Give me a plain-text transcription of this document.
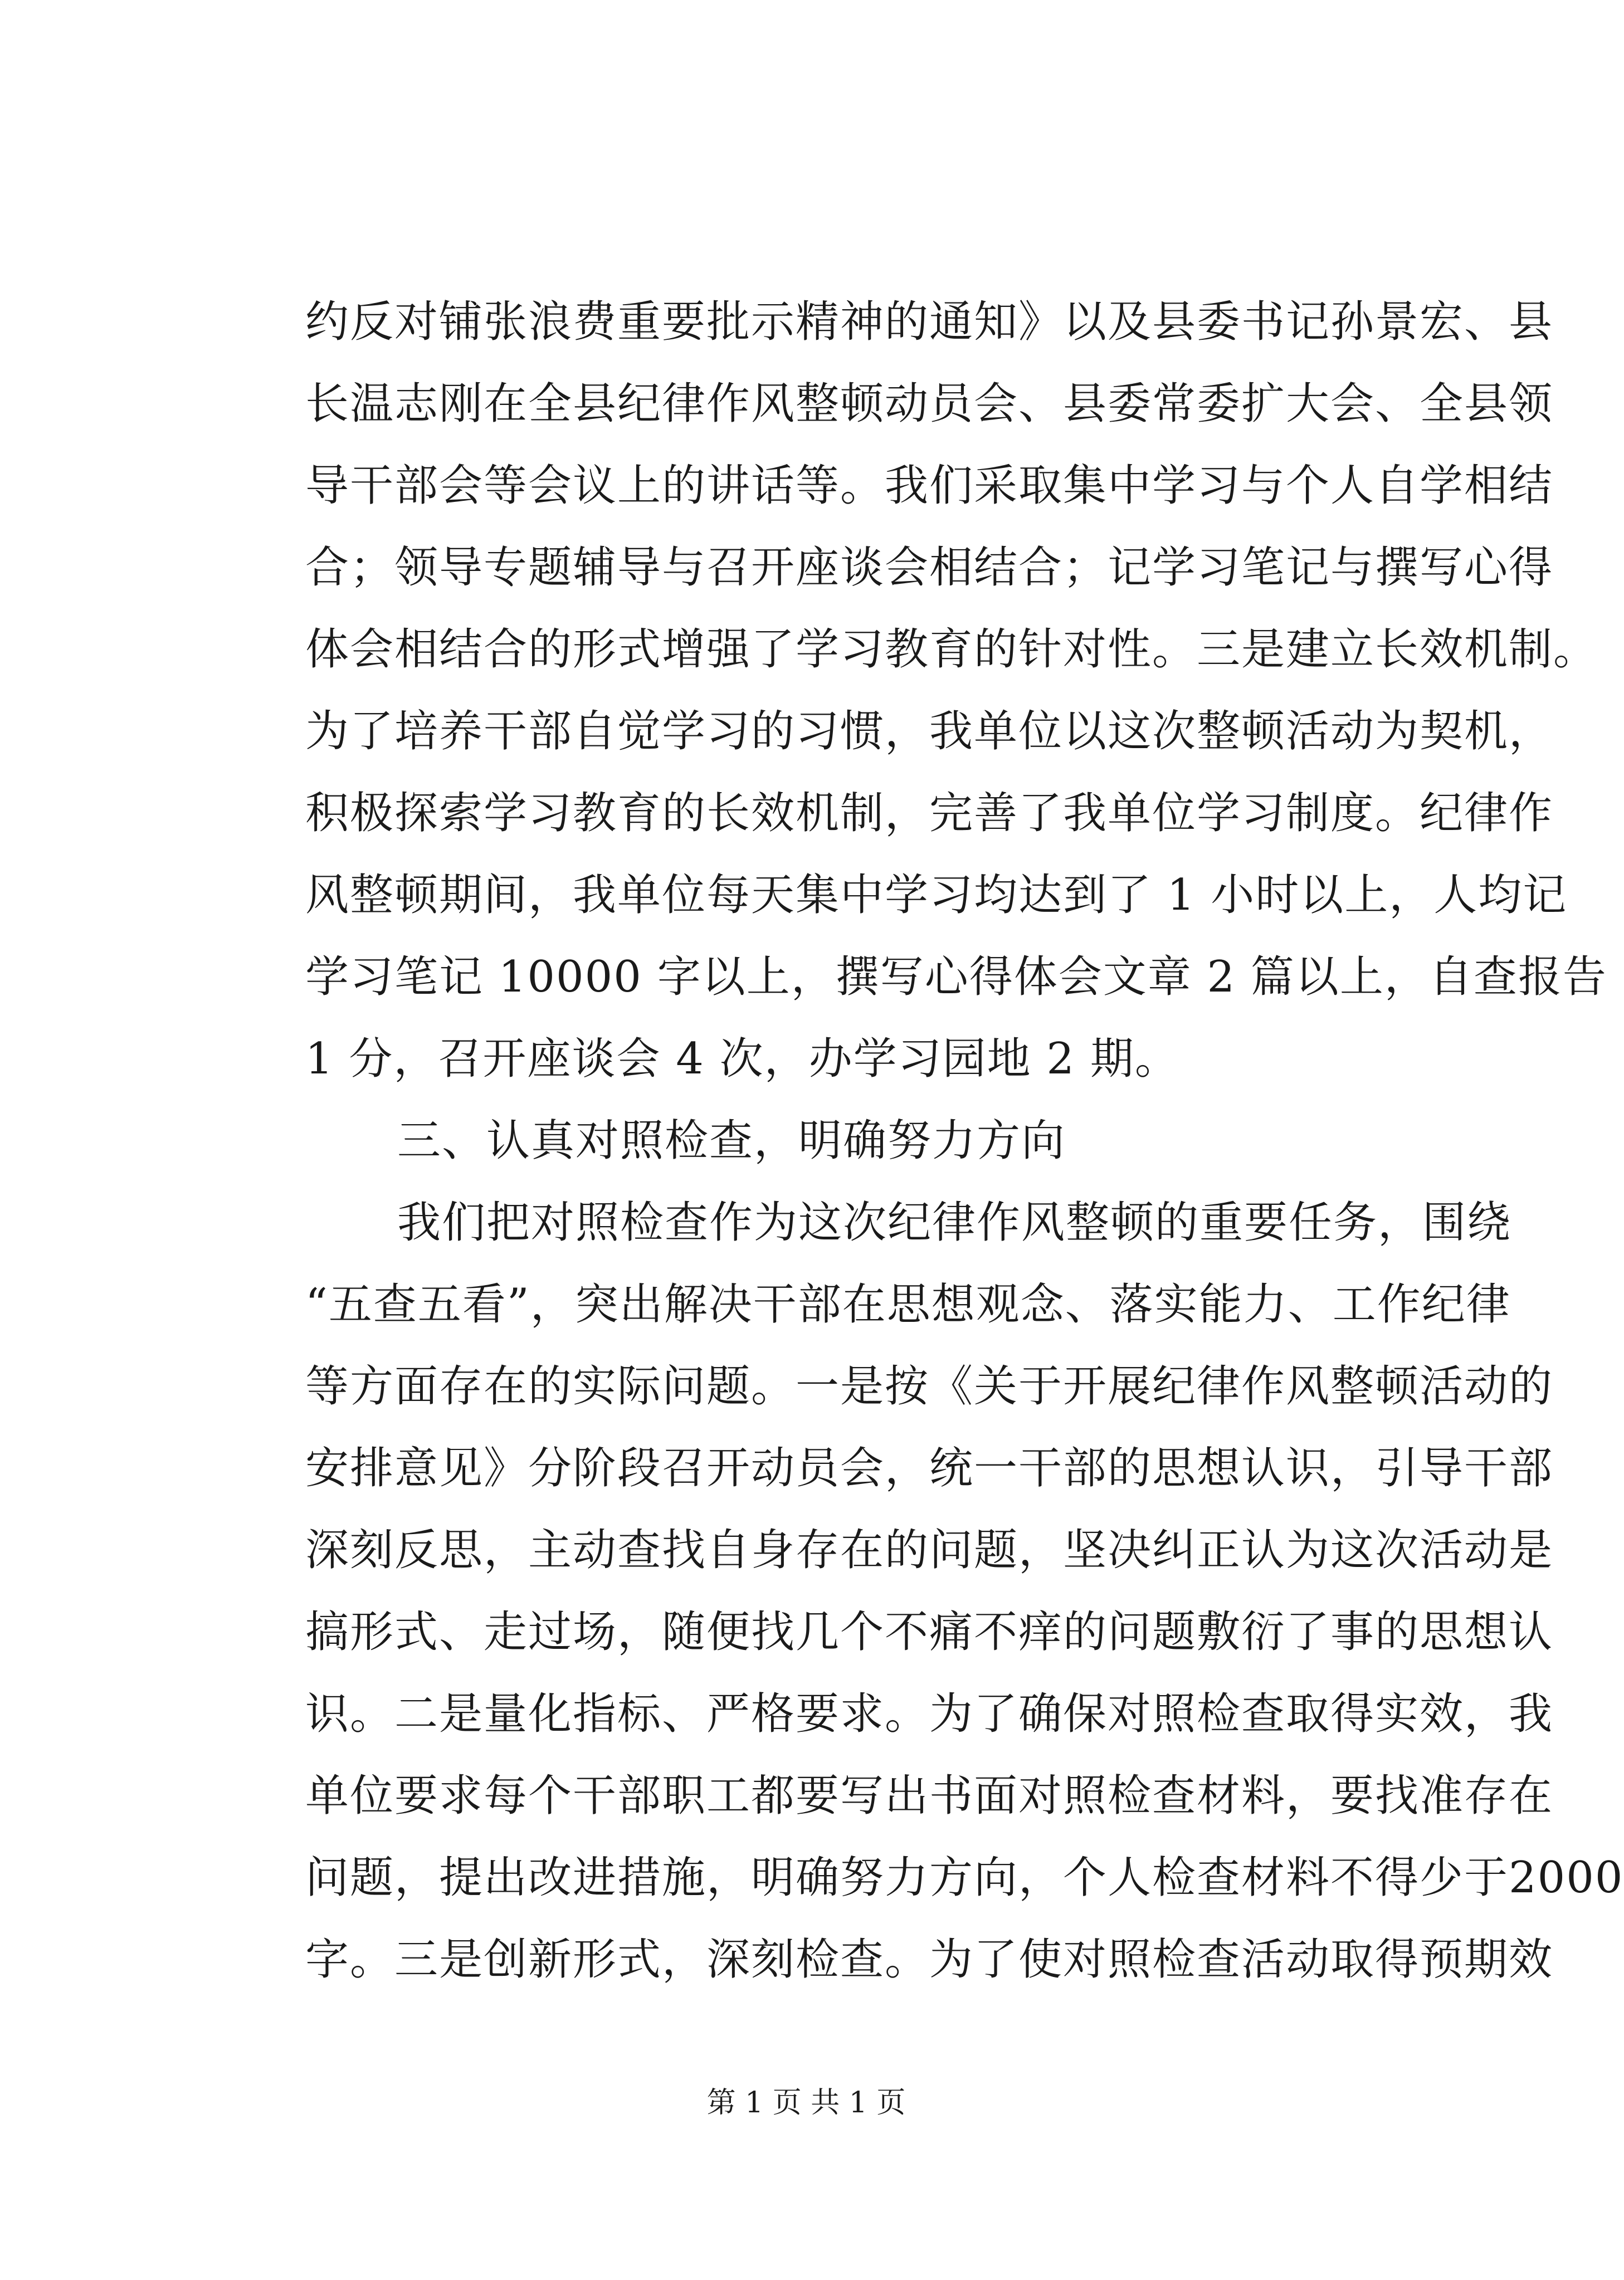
约反对铺张浪费重要批示精神的通知》以及县委书记孙景宏、县
长温志刚在全县纪律作风整顿动员会、县委常委扩大会、全县领
导干部会等会议上的讲话等。我们采取集中学习与个人自学相结
合；领导专题辅导与召开座谈会相结合；记学习笔记与撰写心得
体会相结合的形式增强了学习教育的针对性。三是建立长效机制。
为了培养干部自觉学习的习惯，我单位以这次整顿活动为契机，
积极探索学习教育的长效机制，完善了我单位学习制度。纪律作
风整顿期间，我单位每天集中学习均达到了 1 小时以上，人均记
学习笔记 10000 字以上，撰写心得体会文章 2 篇以上，自查报告
1 分，召开座谈会 4 次，办学习园地 2 期。
三、认真对照检查，明确努力方向
我们把对照检查作为这次纪律作风整顿的重要任务，围绕
“五查五看”，突出解决干部在思想观念、落实能力、工作纪律
等方面存在的实际问题。一是按《关于开展纪律作风整顿活动的
安排意见》分阶段召开动员会，统一干部的思想认识，引导干部
深刻反思，主动查找自身存在的问题，坚决纠正认为这次活动是
搞形式、走过场，随便找几个不痛不痒的问题敷衍了事的思想认
识。二是量化指标、严格要求。为了确保对照检查取得实效，我
单位要求每个干部职工都要写出书面对照检查材料，要找准存在
问题，提出改进措施，明确努力方向，个人检查材料不得少于2000
字。三是创新形式，深刻检查。为了使对照检查活动取得预期效
第 1 页 共 1 页
